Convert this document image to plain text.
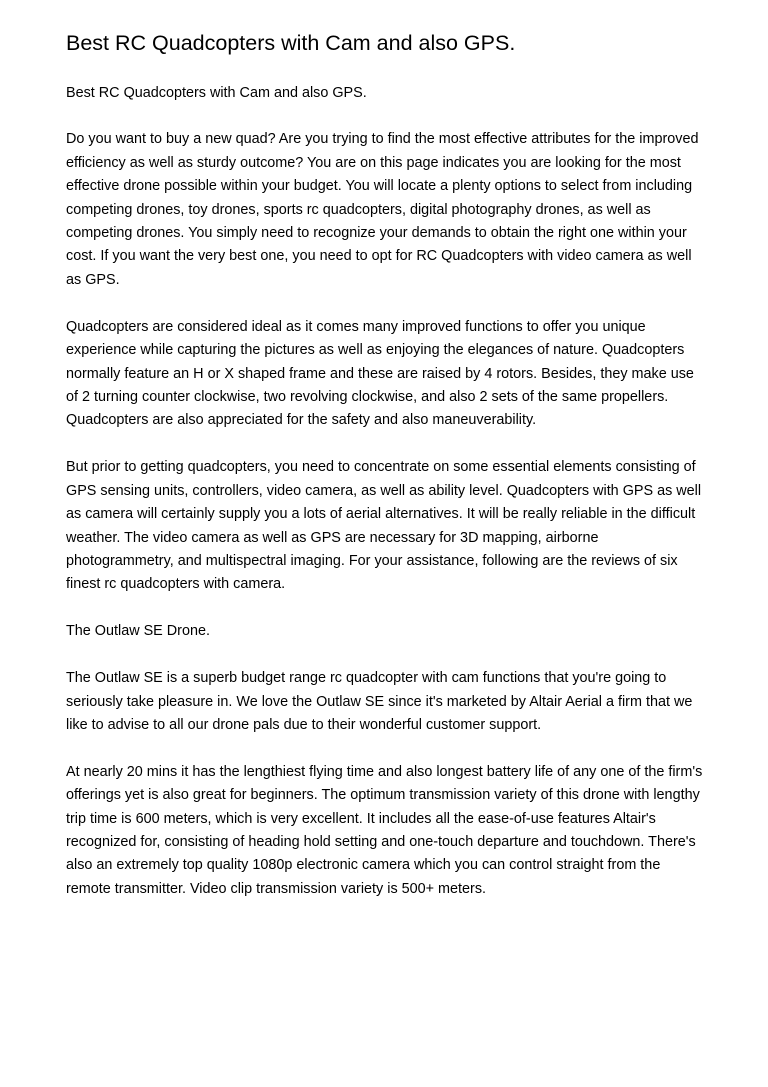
Best RC Quadcopters with Cam and also GPS.

Best RC Quadcopters with Cam and also GPS.

Do you want to buy a new quad? Are you trying to find the most effective attributes for the improved efficiency as well as sturdy outcome? You are on this page indicates you are looking for the most effective drone possible within your budget. You will locate a plenty options to select from including competing drones, toy drones, sports rc quadcopters, digital photography drones, as well as competing drones. You simply need to recognize your demands to obtain the right one within your cost. If you want the very best one, you need to opt for RC Quadcopters with video camera as well as GPS.

Quadcopters are considered ideal as it comes many improved functions to offer you unique experience while capturing the pictures as well as enjoying the elegances of nature. Quadcopters normally feature an H or X shaped frame and these are raised by 4 rotors. Besides, they make use of 2 turning counter clockwise, two revolving clockwise, and also 2 sets of the same propellers. Quadcopters are also appreciated for the safety and also maneuverability.

But prior to getting quadcopters, you need to concentrate on some essential elements consisting of GPS sensing units, controllers, video camera, as well as ability level. Quadcopters with GPS as well as camera will certainly supply you a lots of aerial alternatives. It will be really reliable in the difficult weather. The video camera as well as GPS are necessary for 3D mapping, airborne photogrammetry, and multispectral imaging. For your assistance, following are the reviews of six finest rc quadcopters with camera.

The Outlaw SE Drone.

The Outlaw SE is a superb budget range rc quadcopter with cam functions that you're going to seriously take pleasure in. We love the Outlaw SE since it's marketed by Altair Aerial a firm that we like to advise to all our drone pals due to their wonderful customer support.

At nearly 20 mins it has the lengthiest flying time and also longest battery life of any one of the firm's offerings yet is also great for beginners. The optimum transmission variety of this drone with lengthy trip time is 600 meters, which is very excellent. It includes all the ease-of-use features Altair's recognized for, consisting of heading hold setting and one-touch departure and touchdown. There's also an extremely top quality 1080p electronic camera which you can control straight from the remote transmitter. Video clip transmission variety is 500+ meters.
